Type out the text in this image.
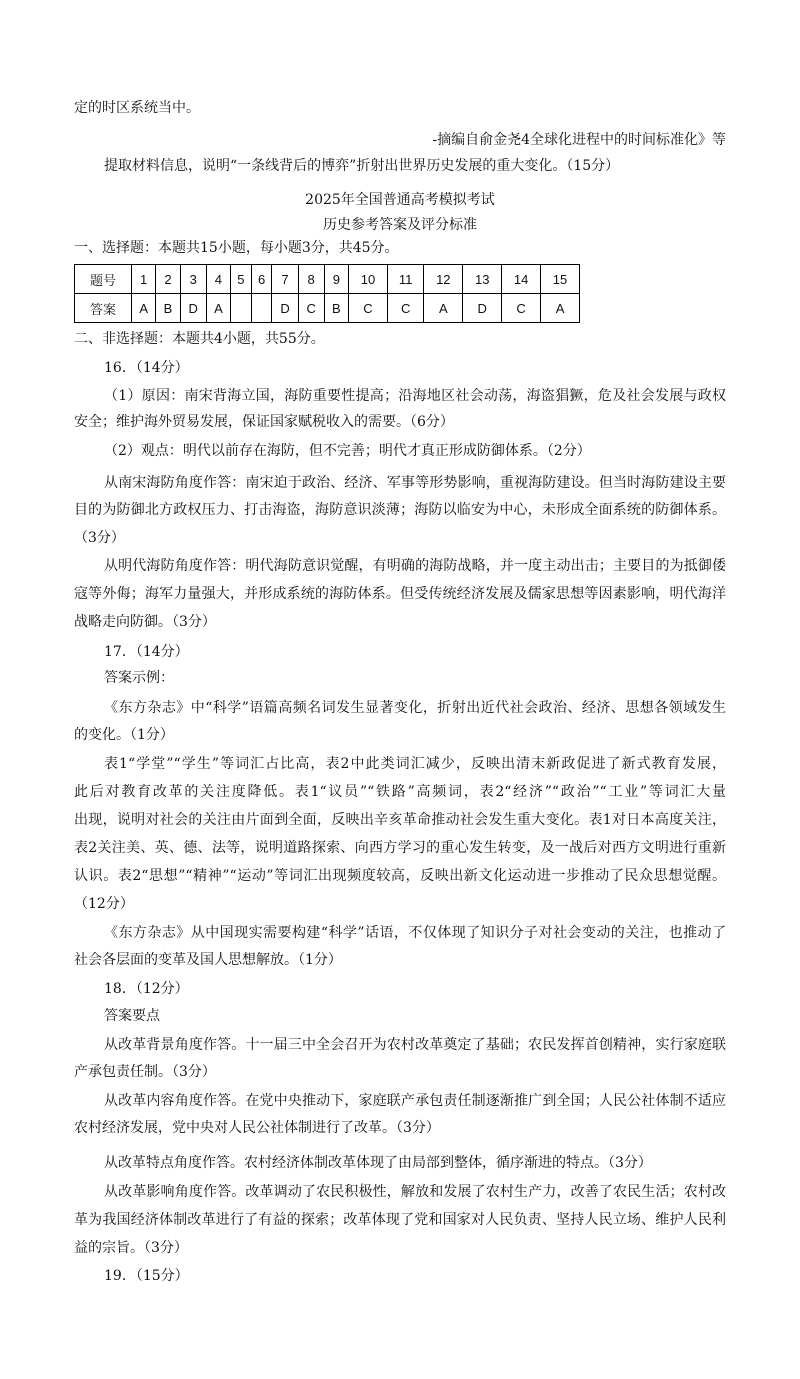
定的时区系统当中。
-摘编自俞金尧4全球化进程中的时间标准化》等
提取材料信息，说明“一条线背后的博弈”折射出世界历史发展的重大变化。（15分）
2025年全国普通高考模拟考试
历史参考答案及评分标准
一、选择题：本题共15小题，每小题3分，共45分。
题号	1	2	3	4	5	6	7	8	9	10	11	12	13	14	15
答案	A	B	D	A			D	C	B	C	C	A	D	C	A
二、非选择题：本题共4小题，共55分。
16．（14分）
（1）原因：南宋背海立国，海防重要性提高；沿海地区社会动荡，海盗猖獗，危及社会发展与政权
安全；维护海外贸易发展，保证国家赋税收入的需要。（6分）
（2）观点：明代以前存在海防，但不完善；明代才真正形成防御体系。（2分）
从南宋海防角度作答：南宋迫于政治、经济、军事等形势影响，重视海防建设。但当时海防建设主要
目的为防御北方政权压力、打击海盗，海防意识淡薄；海防以临安为中心，未形成全面系统的防御体系。
（3分）
从明代海防角度作答：明代海防意识觉醒，有明确的海防战略，并一度主动出击；主要目的为抵御倭
寇等外侮；海军力量强大，并形成系统的海防体系。但受传统经济发展及儒家思想等因素影响，明代海洋
战略走向防御。（3分）
17．（14分）
答案示例：
《东方杂志》中“科学”语篇高频名词发生显著变化，折射出近代社会政治、经济、思想各领域发生
的变化。（1分）
表1“学堂”“学生”等词汇占比高，表2中此类词汇减少，反映出清末新政促进了新式教育发展，
此后对教育改革的关注度降低。表1“议员”“铁路”高频词，表2“经济”“政治”“工业”等词汇大量
出现，说明对社会的关注由片面到全面，反映出辛亥革命推动社会发生重大变化。表1对日本高度关注，
表2关注美、英、德、法等，说明道路探索、向西方学习的重心发生转变，及一战后对西方文明进行重新
认识。表2“思想”“精神”“运动”等词汇出现频度较高，反映出新文化运动进一步推动了民众思想觉醒。
（12分）
《东方杂志》从中国现实需要构建“科学”话语，不仅体现了知识分子对社会变动的关注，也推动了
社会各层面的变革及国人思想解放。（1分）
18．（12分）
答案要点
从改革背景角度作答。十一届三中全会召开为农村改革奠定了基础；农民发挥首创精神，实行家庭联
产承包责任制。（3分）
从改革内容角度作答。在党中央推动下，家庭联产承包责任制逐渐推广到全国；人民公社体制不适应
农村经济发展，党中央对人民公社体制进行了改革。（3分）
从改革特点角度作答。农村经济体制改革体现了由局部到整体，循序渐进的特点。（3分）
从改革影响角度作答。改革调动了农民积极性，解放和发展了农村生产力，改善了农民生活；农村改
革为我国经济体制改革进行了有益的探索；改革体现了党和国家对人民负责、坚持人民立场、维护人民利
益的宗旨。（3分）
19．（15分）
